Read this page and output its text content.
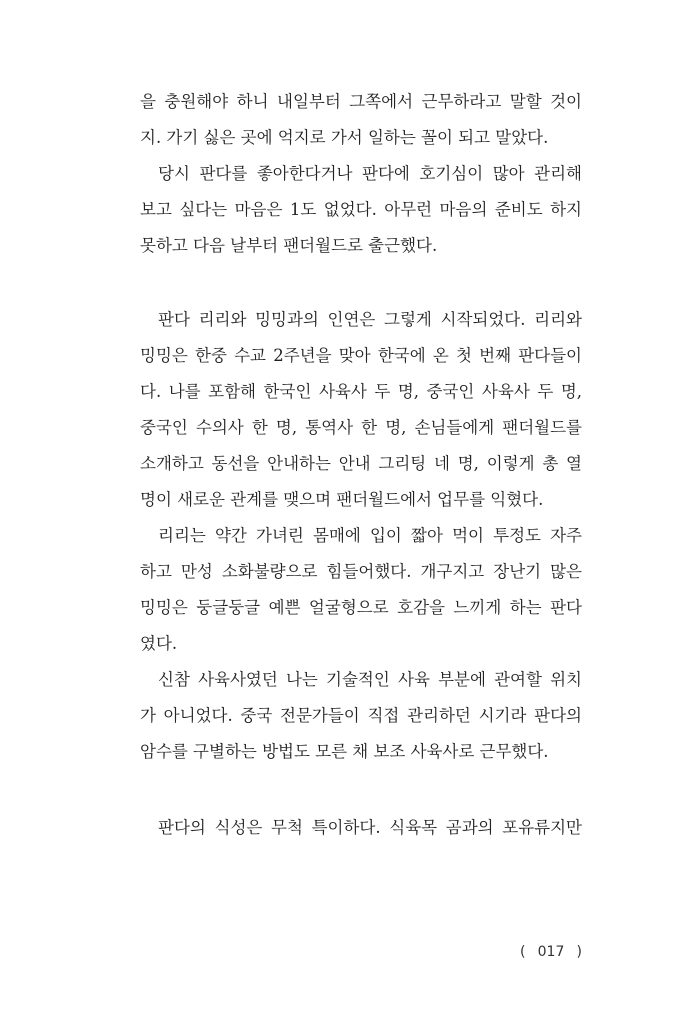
을 충원해야 하니 내일부터 그쪽에서 근무하라고 말할 것이
지. 가기 싫은 곳에 억지로 가서 일하는 꼴이 되고 말았다.
당시 판다를 좋아한다거나 판다에 호기심이 많아 관리해
보고 싶다는 마음은 1도 없었다. 아무런 마음의 준비도 하지
못하고 다음 날부터 팬더월드로 출근했다.
판다 리리와 밍밍과의 인연은 그렇게 시작되었다. 리리와
밍밍은 한중 수교 2주년을 맞아 한국에 온 첫 번째 판다들이
다. 나를 포함해 한국인 사육사 두 명, 중국인 사육사 두 명,
중국인 수의사 한 명, 통역사 한 명, 손님들에게 팬더월드를
소개하고 동선을 안내하는 안내 그리팅 네 명, 이렇게 총 열
명이 새로운 관계를 맺으며 팬더월드에서 업무를 익혔다.
리리는 약간 가녀린 몸매에 입이 짧아 먹이 투정도 자주
하고 만성 소화불량으로 힘들어했다. 개구지고 장난기 많은
밍밍은 둥글둥글 예쁜 얼굴형으로 호감을 느끼게 하는 판다
였다.
신참 사육사였던 나는 기술적인 사육 부분에 관여할 위치
가 아니었다. 중국 전문가들이 직접 관리하던 시기라 판다의
암수를 구별하는 방법도 모른 채 보조 사육사로 근무했다.
판다의 식성은 무척 특이하다. 식육목 곰과의 포유류지만
( 017 )
